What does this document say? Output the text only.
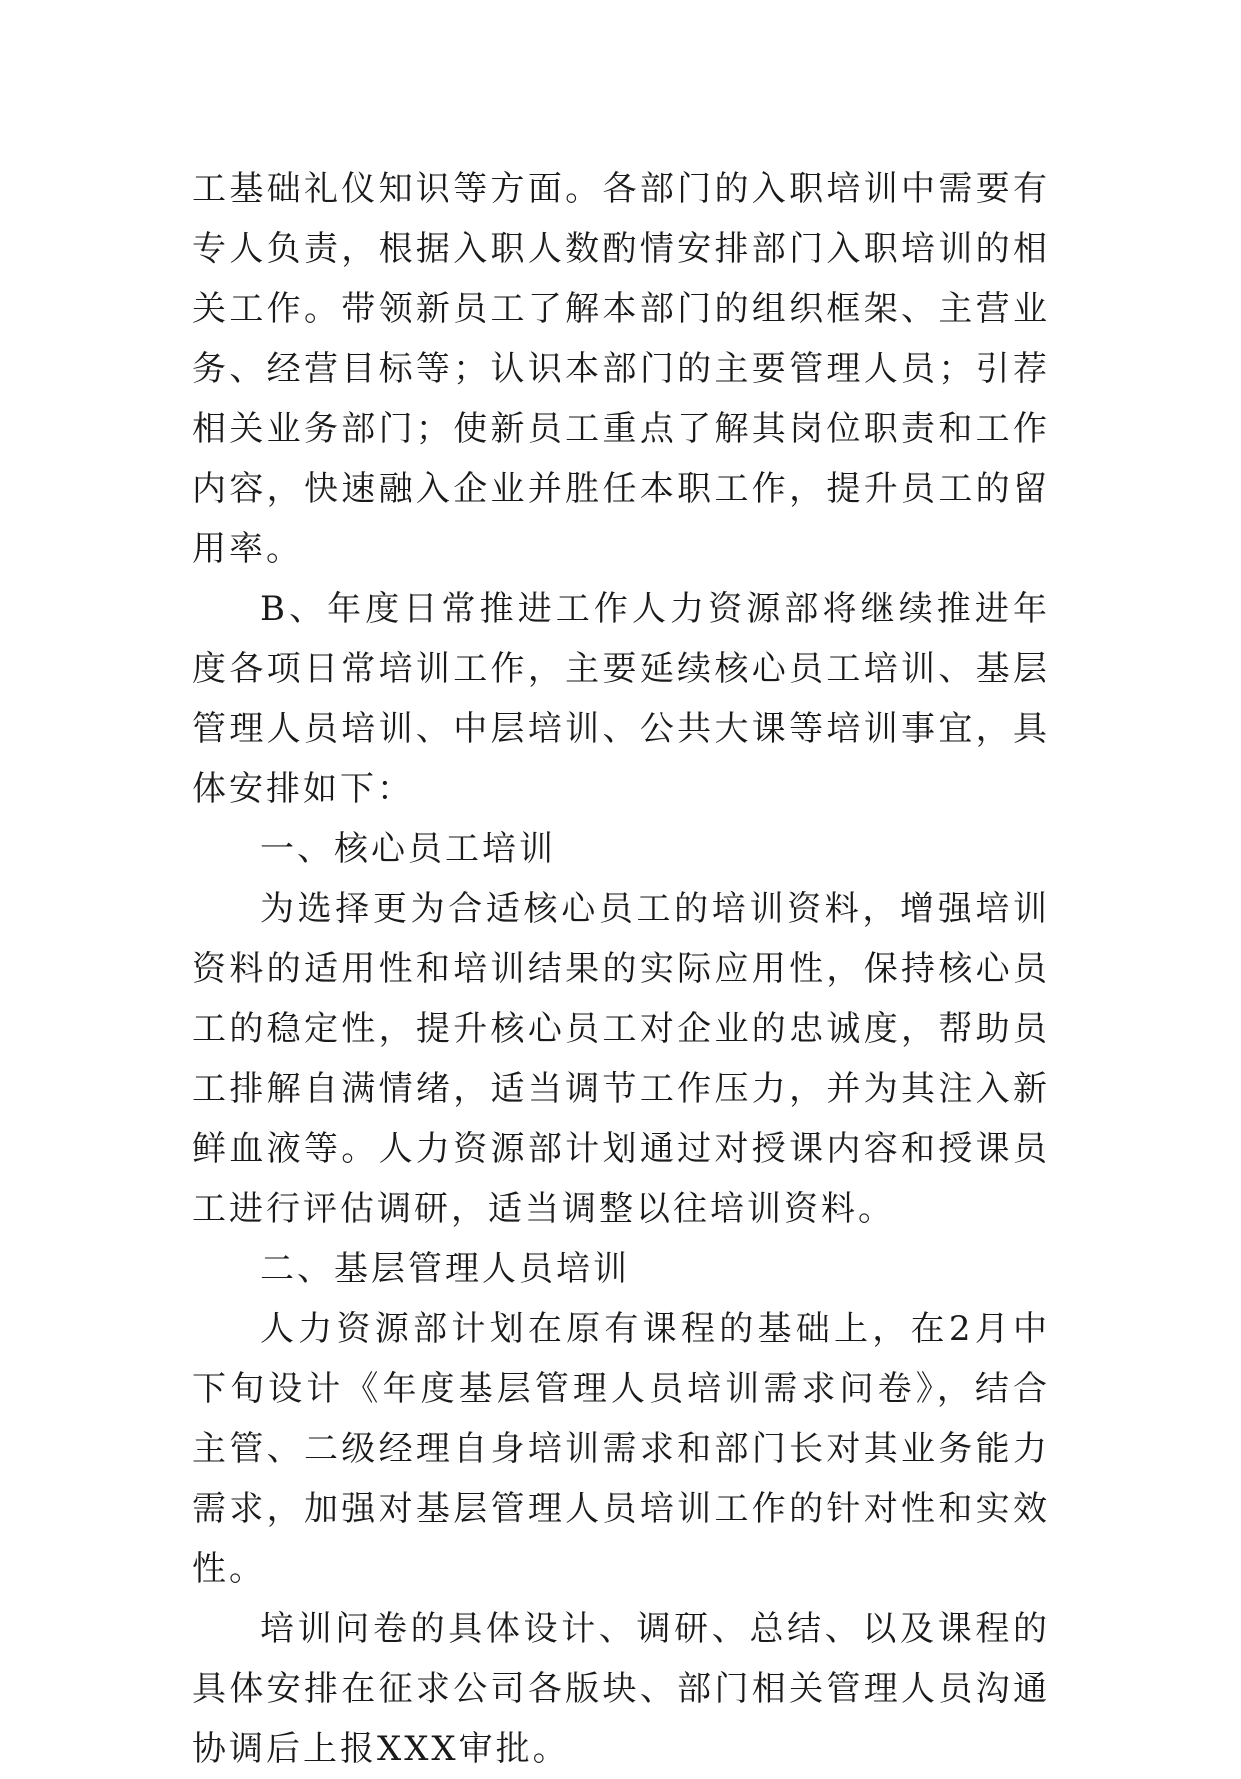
工基础礼仪知识等方面。各部门的入职培训中需要有专人负责，根据入职人数酌情安排部门入职培训的相关工作。带领新员工了解本部门的组织框架、主营业务、经营目标等；认识本部门的主要管理人员；引荐相关业务部门；使新员工重点了解其岗位职责和工作内容，快速融入企业并胜任本职工作，提升员工的留用率。

B、年度日常推进工作人力资源部将继续推进年度各项日常培训工作，主要延续核心员工培训、基层管理人员培训、中层培训、公共大课等培训事宜，具体安排如下：

一、核心员工培训

为选择更为合适核心员工的培训资料，增强培训资料的适用性和培训结果的实际应用性，保持核心员工的稳定性，提升核心员工对企业的忠诚度，帮助员工排解自满情绪，适当调节工作压力，并为其注入新鲜血液等。人力资源部计划通过对授课内容和授课员工进行评估调研，适当调整以往培训资料。

二、基层管理人员培训

人力资源部计划在原有课程的基础上，在2月中下旬设计《年度基层管理人员培训需求问卷》，结合主管、二级经理自身培训需求和部门长对其业务能力需求，加强对基层管理人员培训工作的针对性和实效性。

培训问卷的具体设计、调研、总结、以及课程的具体安排在征求公司各版块、部门相关管理人员沟通协调后上报XXX审批。
